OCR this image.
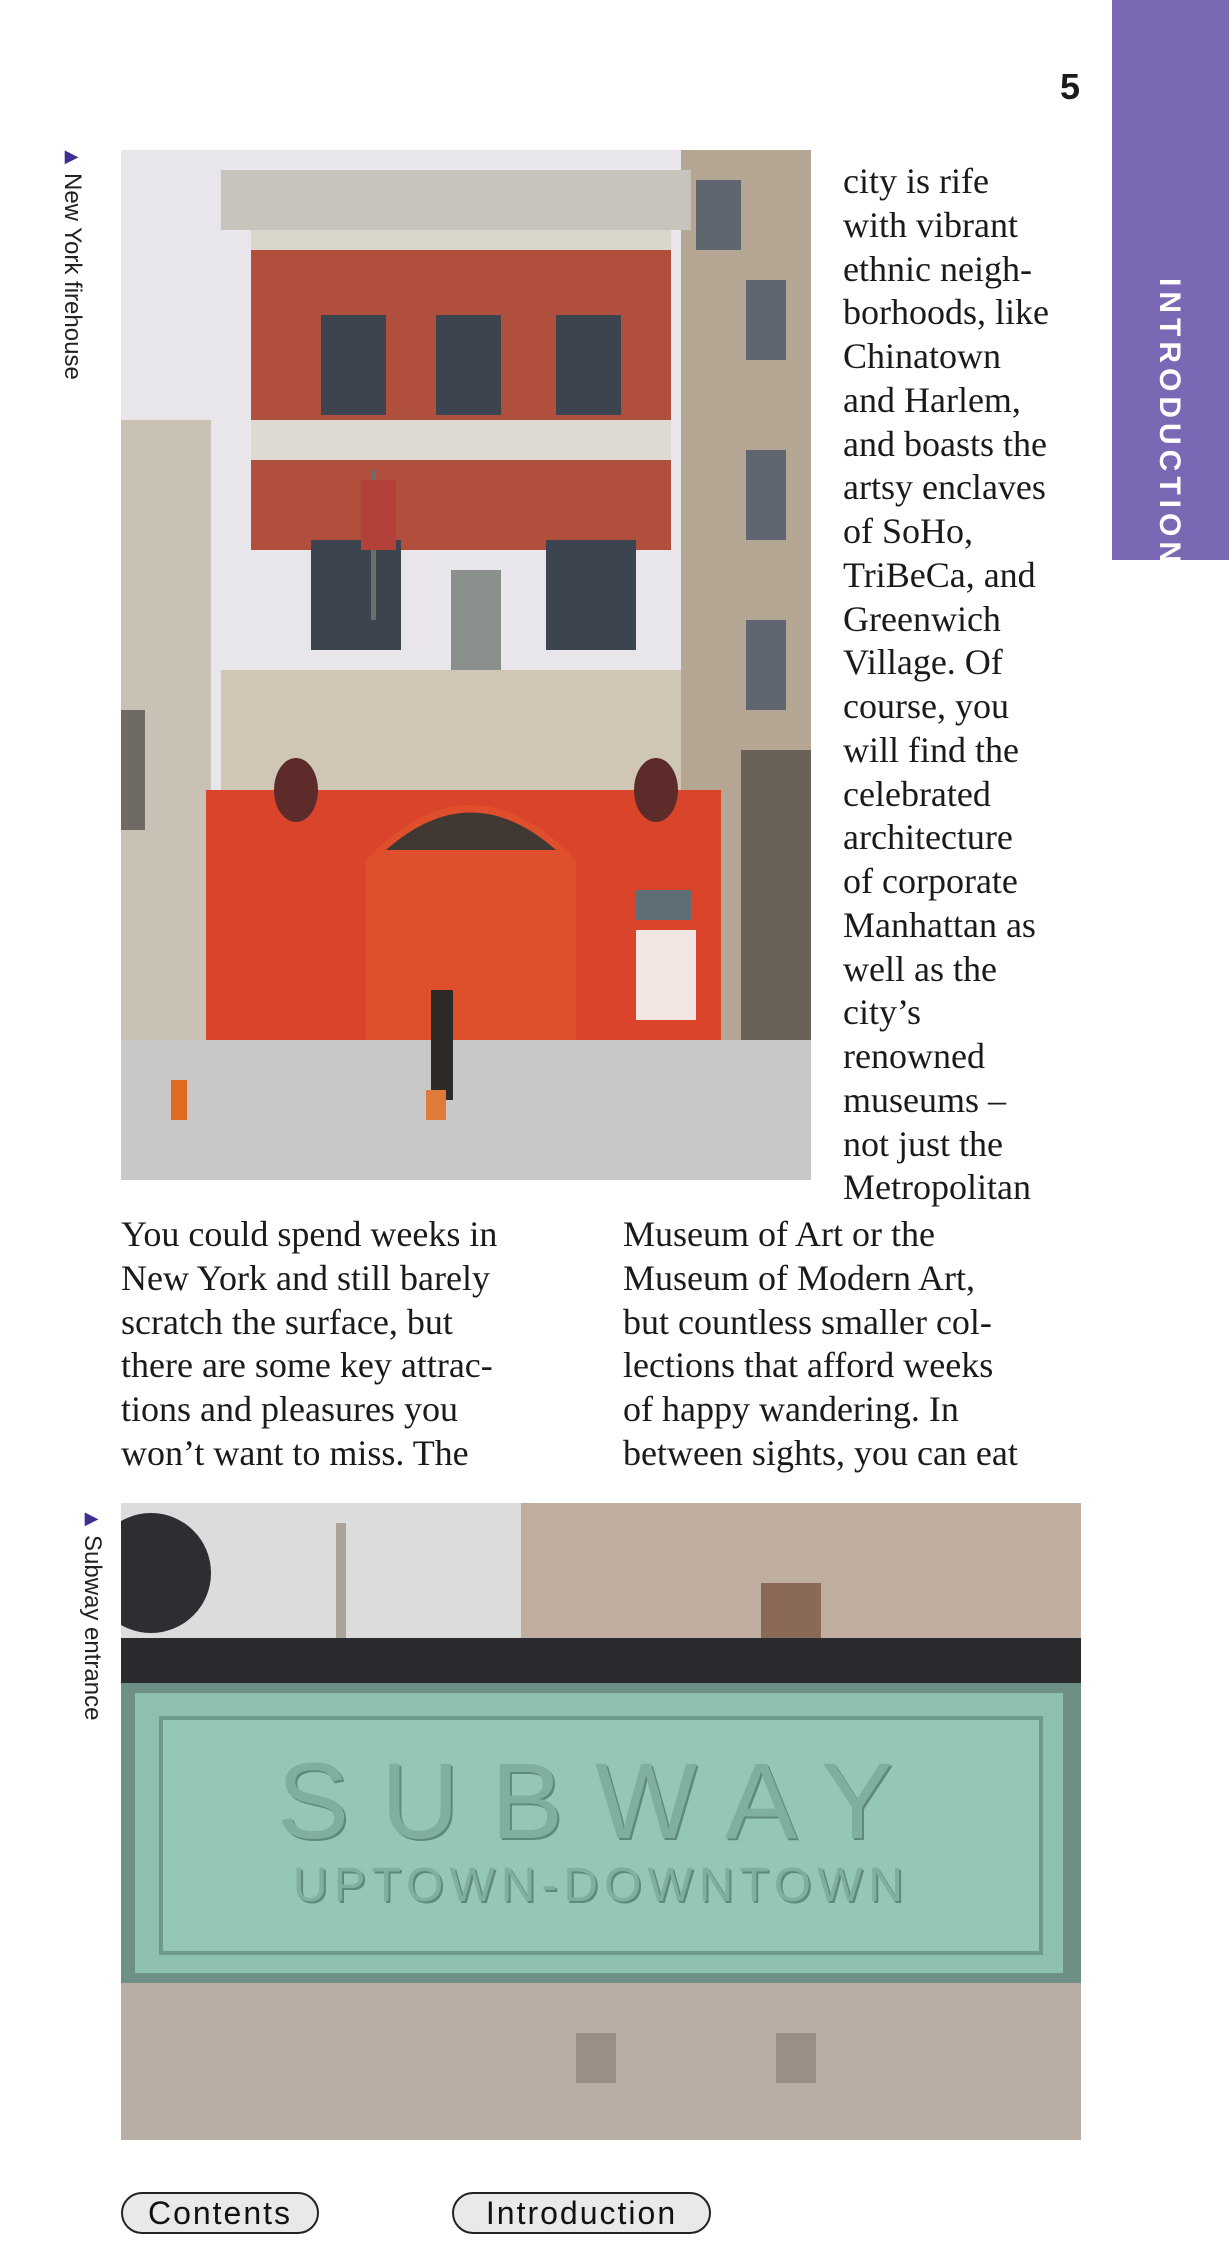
INTRODUCTION
5
▶New York firehouse	city is rife
with vibrant
ethnic neigh-
borhoods, like
Chinatown
and Harlem,
and boasts the
artsy enclaves
of SoHo,
TriBeCa, and
Greenwich
Village. Of
course, you
will find the
celebrated
architecture
of corporate
Manhattan as
well as the
city’s
renowned
museums –
not just the
Metropolitan
You could spend weeks in
New York and still barely
scratch the surface, but
there are some key attrac-
tions and pleasures you
won’t want to miss. The
Museum of Art or the
Museum of Modern Art,
but countless smaller col-
lections that afford weeks
of happy wandering. In
between sights, you can eat
▶Subway entrance
SUBWAY
UPTOWN-DOWNTOWN
Contents	Introduction
